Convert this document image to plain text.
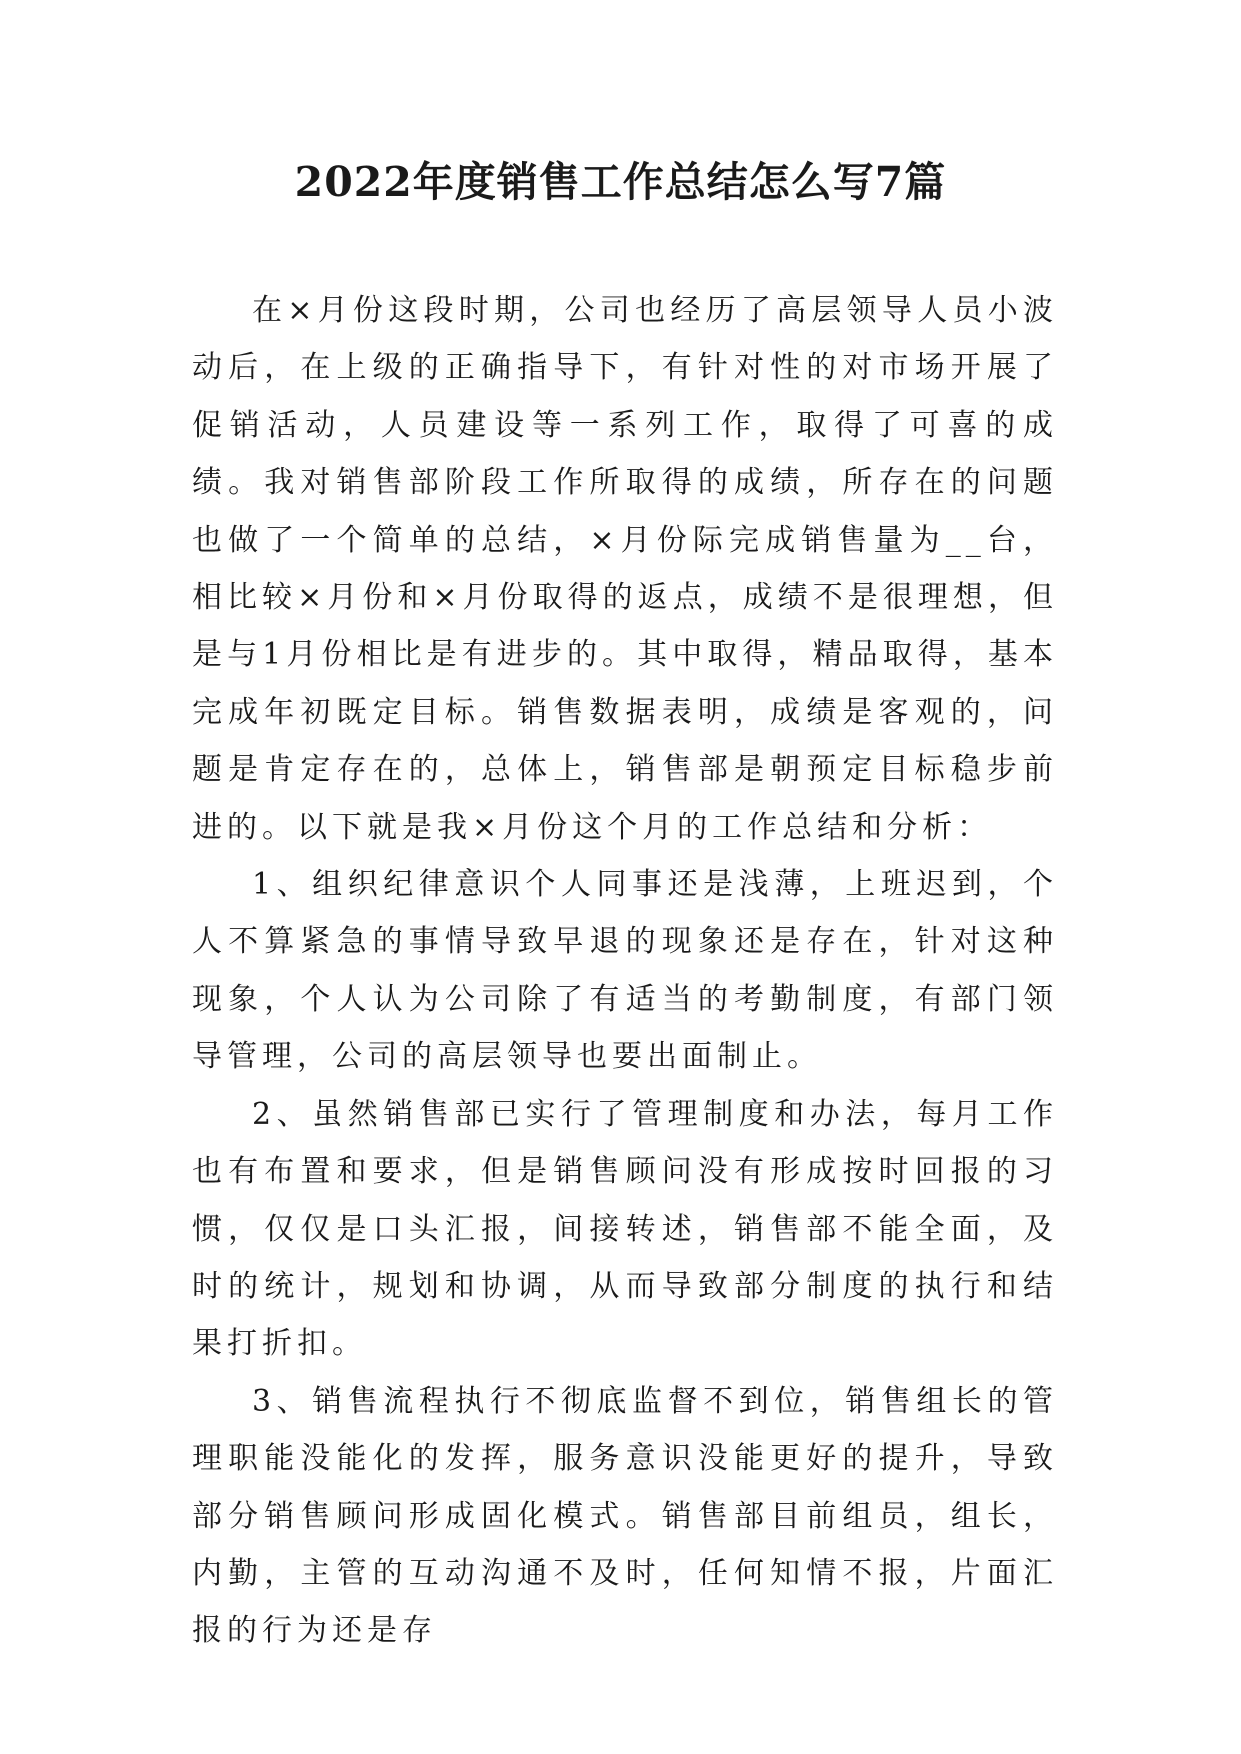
2022年度销售工作总结怎么写7篇

在×月份这段时期，公司也经历了高层领导人员小波动后，在上级的正确指导下，有针对性的对市场开展了促销活动，人员建设等一系列工作，取得了可喜的成绩。我对销售部阶段工作所取得的成绩，所存在的问题也做了一个简单的总结，×月份际完成销售量为__台，相比较×月份和×月份取得的返点，成绩不是很理想，但是与1月份相比是有进步的。其中取得，精品取得，基本完成年初既定目标。销售数据表明，成绩是客观的，问题是肯定存在的，总体上，销售部是朝预定目标稳步前进的。以下就是我×月份这个月的工作总结和分析：

1、组织纪律意识个人同事还是浅薄，上班迟到，个人不算紧急的事情导致早退的现象还是存在，针对这种现象，个人认为公司除了有适当的考勤制度，有部门领导管理，公司的高层领导也要出面制止。

2、虽然销售部已实行了管理制度和办法，每月工作也有布置和要求，但是销售顾问没有形成按时回报的习惯，仅仅是口头汇报，间接转述，销售部不能全面，及时的统计，规划和协调，从而导致部分制度的执行和结果打折扣。

3、销售流程执行不彻底监督不到位，销售组长的管理职能没能化的发挥，服务意识没能更好的提升，导致部分销售顾问形成固化模式。销售部目前组员，组长，内勤，主管的互动沟通不及时，任何知情不报，片面汇报的行为还是存
